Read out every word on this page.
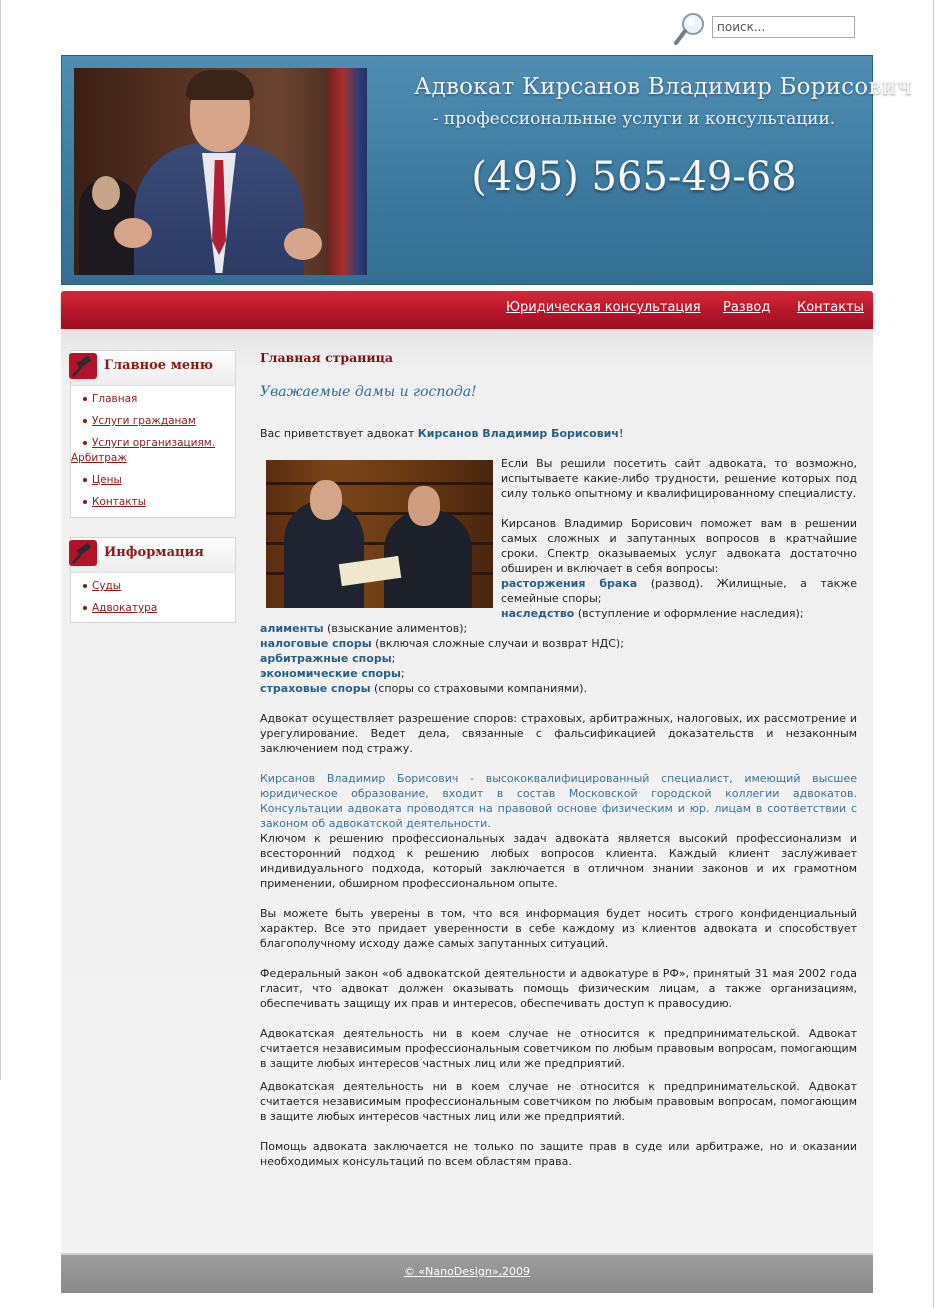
поиск...
Адвокат Кирсанов Владимир Борисович
- профессиональные услуги и консультации.
(495) 565-49-68
Юридическая консультация Развод Контакты
Главное меню
Главная
Услуги гражданам
Услуги организациям.
Арбитраж
Цены
Контакты
Информация
Суды
Адвокатура
Главная страница
Уважаемые дамы и господа!

Вас приветствует адвокат Кирсанов Владимир Борисович!

Если Вы решили посетить сайт адвоката, то возможно, испытываете какие-либо трудности, решение которых под силу только опытному и квалифицированному специалисту.

Кирсанов Владимир Борисович поможет вам в решении самых сложных и запутанных вопросов в кратчайшие сроки. Спектр оказываемых услуг адвоката достаточно обширен и включает в себя вопросы:

расторжения брака (развод). Жилищные, а также семейные споры;
наследство (вступление и оформление наследия);
алименты (взыскание алиментов);
налоговые споры (включая сложные случаи и возврат НДС);
арбитражные споры;
экономические споры;
страховые споры (споры со страховыми компаниями).

Адвокат осуществляет разрешение споров: страховых, арбитражных, налоговых, их рассмотрение и урегулирование. Ведет дела, связанные с фальсификацией доказательств и незаконным заключением под стражу.

Кирсанов Владимир Борисович - высококвалифицированный специалист, имеющий высшее юридическое образование, входит в состав Московской городской коллегии адвокатов. Консультации адвоката проводятся на правовой основе физическим и юр. лицам в соответствии с законом об адвокатской деятельности.

Ключом к решению профессиональных задач адвоката является высокий профессионализм и всесторонний подход к решению любых вопросов клиента. Каждый клиент заслуживает индивидуального подхода, который заключается в отличном знании законов и их грамотном применении, обширном профессиональном опыте.

Вы можете быть уверены в том, что вся информация будет носить строго конфиденциальный характер. Все это придает уверенности в себе каждому из клиентов адвоката и способствует благополучному исходу даже самых запутанных ситуаций.

Федеральный закон «об адвокатской деятельности и адвокатуре в РФ», принятый 31 мая 2002 года гласит, что адвокат должен оказывать помощь физическим лицам, а также организациям, обеспечивать защищу их прав и интересов, обеспечивать доступ к правосудию.

Адвокатская деятельность ни в коем случае не относится к предпринимательской. Адвокат считается независимым профессиональным советчиком по любым правовым вопросам, помогающим в защите любых интересов частных лиц или же предприятий.

Адвокатская деятельность ни в коем случае не относится к предпринимательской. Адвокат считается независимым профессиональным советчиком по любым правовым вопросам, помогающим в защите любых интересов частных лиц или же предприятий.

Помощь адвоката заключается не только по защите прав в суде или арбитраже, но и оказании необходимых консультаций по всем областям права.

© «NanoDesign»,2009
